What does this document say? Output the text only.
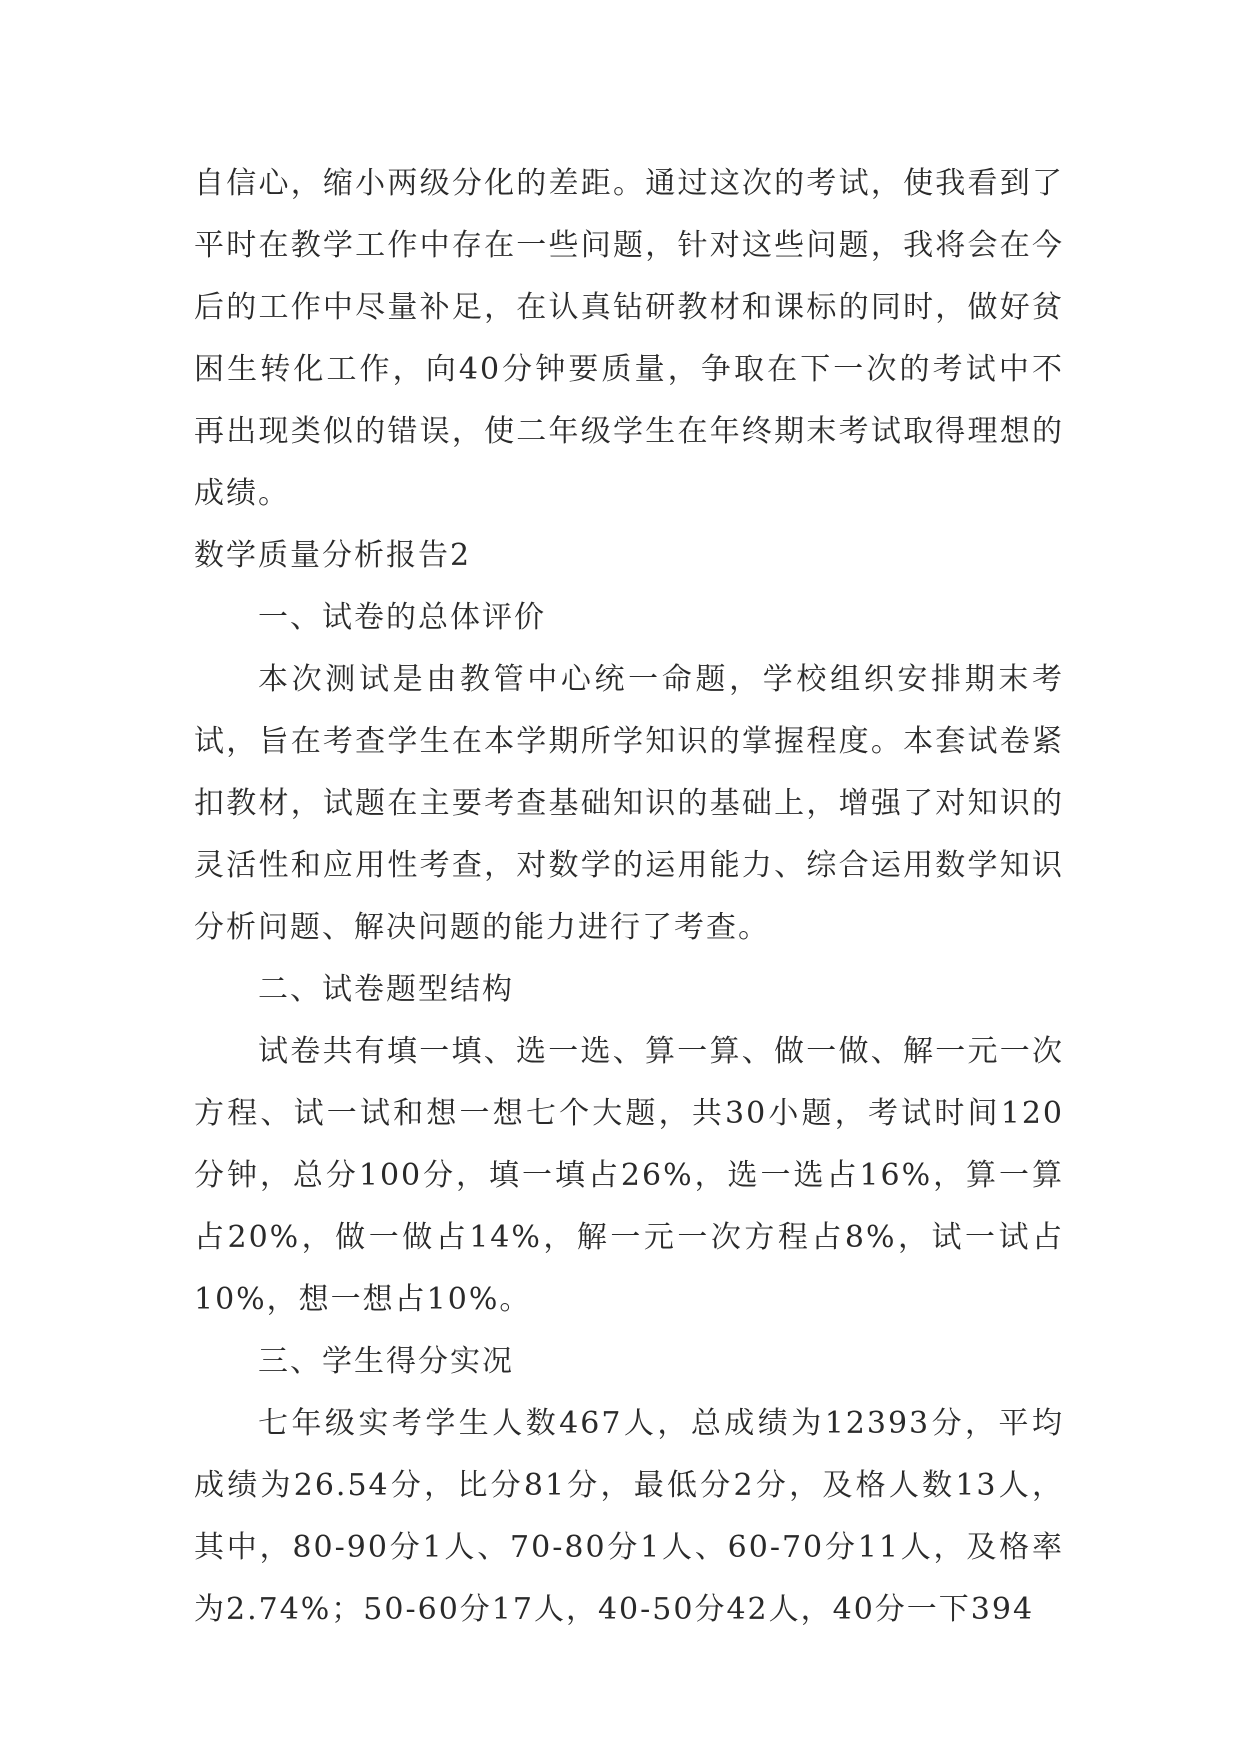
自信心，缩小两级分化的差距。通过这次的考试，使我看到了平时在教学工作中存在一些问题，针对这些问题，我将会在今后的工作中尽量补足，在认真钻研教材和课标的同时，做好贫困生转化工作，向40分钟要质量，争取在下一次的考试中不再出现类似的错误，使二年级学生在年终期末考试取得理想的成绩。

数学质量分析报告2

一、试卷的总体评价

本次测试是由教管中心统一命题，学校组织安排期末考试，旨在考查学生在本学期所学知识的掌握程度。本套试卷紧扣教材，试题在主要考查基础知识的基础上，增强了对知识的灵活性和应用性考查，对数学的运用能力、综合运用数学知识分析问题、解决问题的能力进行了考查。

二、试卷题型结构

试卷共有填一填、选一选、算一算、做一做、解一元一次方程、试一试和想一想七个大题，共30小题，考试时间120分钟，总分100分，填一填占26%，选一选占16%，算一算占20%，做一做占14%，解一元一次方程占8%，试一试占10%，想一想占10%。

三、学生得分实况

七年级实考学生人数467人，总成绩为12393分，平均成绩为26.54分，比分81分，最低分2分，及格人数13人，其中，80-90分1人、70-80分1人、60-70分11人，及格率为2.74%；50-60分17人，40-50分42人，40分一下394
